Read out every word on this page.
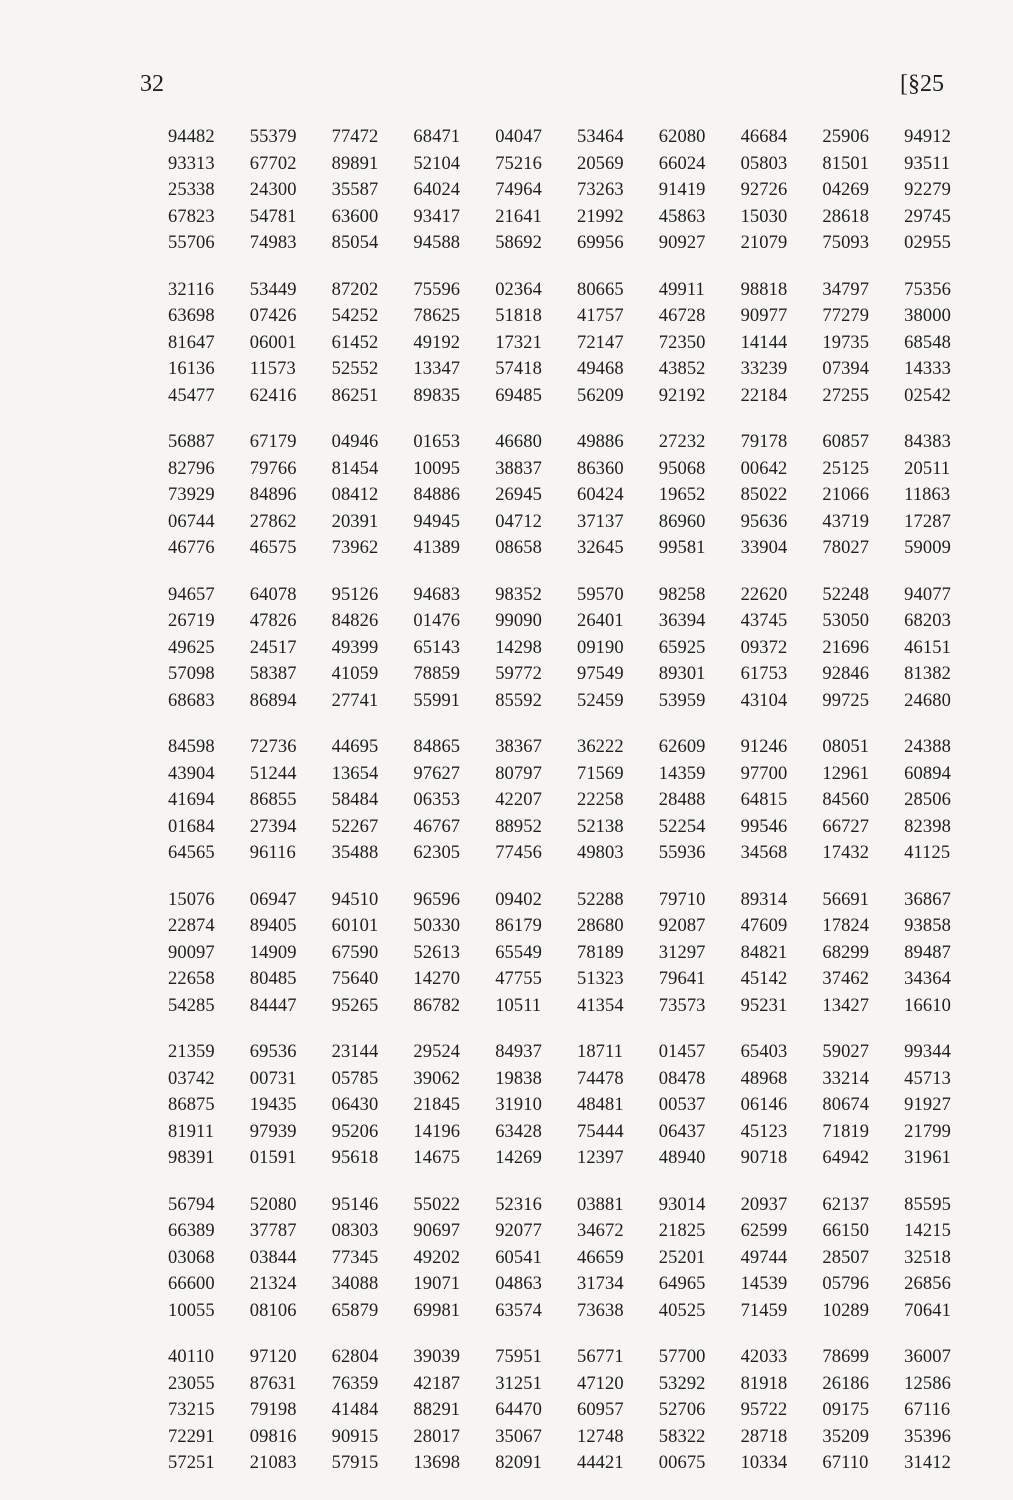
32	[§25
94482	55379	77472	68471	04047	53464	62080	46684	25906	94912
93313	67702	89891	52104	75216	20569	66024	05803	81501	93511
25338	24300	35587	64024	74964	73263	91419	92726	04269	92279
67823	54781	63600	93417	21641	21992	45863	15030	28618	29745
55706	74983	85054	94588	58692	69956	90927	21079	75093	02955
32116	53449	87202	75596	02364	80665	49911	98818	34797	75356
63698	07426	54252	78625	51818	41757	46728	90977	77279	38000
81647	06001	61452	49192	17321	72147	72350	14144	19735	68548
16136	11573	52552	13347	57418	49468	43852	33239	07394	14333
45477	62416	86251	89835	69485	56209	92192	22184	27255	02542
56887	67179	04946	01653	46680	49886	27232	79178	60857	84383
82796	79766	81454	10095	38837	86360	95068	00642	25125	20511
73929	84896	08412	84886	26945	60424	19652	85022	21066	11863
06744	27862	20391	94945	04712	37137	86960	95636	43719	17287
46776	46575	73962	41389	08658	32645	99581	33904	78027	59009
94657	64078	95126	94683	98352	59570	98258	22620	52248	94077
26719	47826	84826	01476	99090	26401	36394	43745	53050	68203
49625	24517	49399	65143	14298	09190	65925	09372	21696	46151
57098	58387	41059	78859	59772	97549	89301	61753	92846	81382
68683	86894	27741	55991	85592	52459	53959	43104	99725	24680
84598	72736	44695	84865	38367	36222	62609	91246	08051	24388
43904	51244	13654	97627	80797	71569	14359	97700	12961	60894
41694	86855	58484	06353	42207	22258	28488	64815	84560	28506
01684	27394	52267	46767	88952	52138	52254	99546	66727	82398
64565	96116	35488	62305	77456	49803	55936	34568	17432	41125
15076	06947	94510	96596	09402	52288	79710	89314	56691	36867
22874	89405	60101	50330	86179	28680	92087	47609	17824	93858
90097	14909	67590	52613	65549	78189	31297	84821	68299	89487
22658	80485	75640	14270	47755	51323	79641	45142	37462	34364
54285	84447	95265	86782	10511	41354	73573	95231	13427	16610
21359	69536	23144	29524	84937	18711	01457	65403	59027	99344
03742	00731	05785	39062	19838	74478	08478	48968	33214	45713
86875	19435	06430	21845	31910	48481	00537	06146	80674	91927
81911	97939	95206	14196	63428	75444	06437	45123	71819	21799
98391	01591	95618	14675	14269	12397	48940	90718	64942	31961
56794	52080	95146	55022	52316	03881	93014	20937	62137	85595
66389	37787	08303	90697	92077	34672	21825	62599	66150	14215
03068	03844	77345	49202	60541	46659	25201	49744	28507	32518
66600	21324	34088	19071	04863	31734	64965	14539	05796	26856
10055	08106	65879	69981	63574	73638	40525	71459	10289	70641
40110	97120	62804	39039	75951	56771	57700	42033	78699	36007
23055	87631	76359	42187	31251	47120	53292	81918	26186	12586
73215	79198	41484	88291	64470	60957	52706	95722	09175	67116
72291	09816	90915	28017	35067	12748	58322	28718	35209	35396
57251	21083	57915	13698	82091	44421	00675	10334	67110	31412
